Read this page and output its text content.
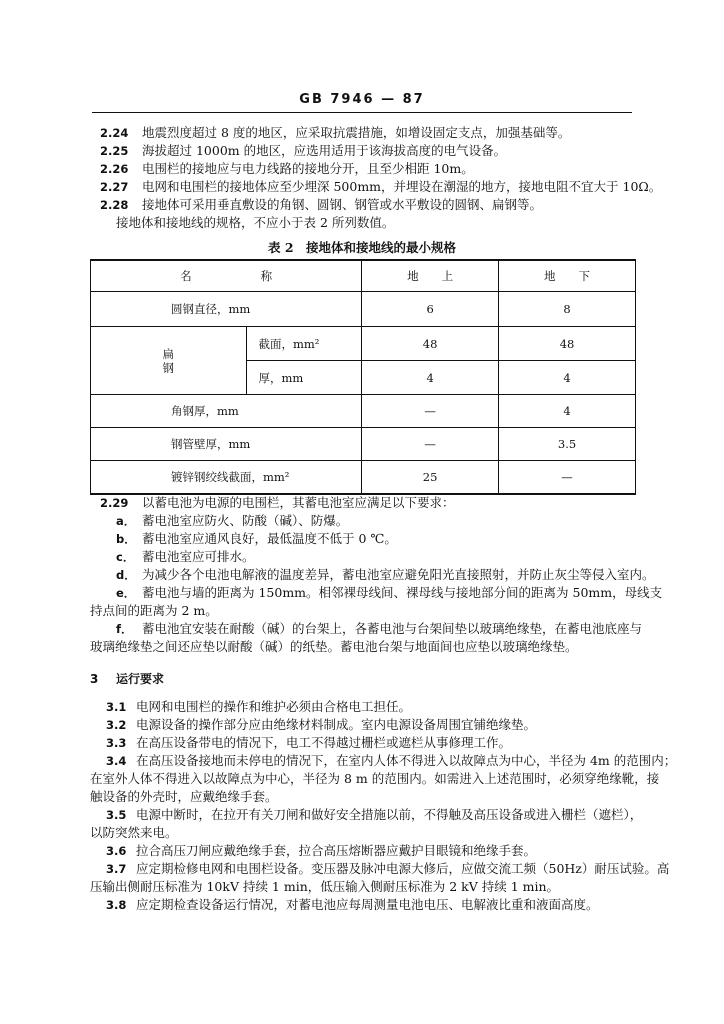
GB 7946 — 87
2.24 地震烈度超过 8 度的地区，应采取抗震措施，如增设固定支点，加强基础等。
2.25 海拔超过 1000m 的地区，应选用适用于该海拔高度的电气设备。
2.26 电围栏的接地应与电力线路的接地分开，且至少相距 10m。
2.27 电网和电围栏的接地体应至少埋深 500mm，并埋设在潮湿的地方，接地电阻不宜大于 10Ω。
2.28 接地体可采用垂直敷设的角钢、圆钢、钢管或水平敷设的圆钢、扁钢等。
接地体和接地线的规格，不应小于表 2 所列数值。
表 2　接地体和接地线的最小规格
名　　　　　　称		地　　上	地　　下
圆钢直径，mm		6	8
扁　　钢	截面，mm²	48	48
	厚，mm	4	4
角钢厚，mm		—	4
钢管壁厚，mm		—	3.5
镀锌钢绞线截面，mm²		25	—
2.29 以蓄电池为电源的电围栏，其蓄电池室应满足以下要求：
a． 蓄电池室应防火、防酸（碱）、防爆。
b． 蓄电池室应通风良好，最低温度不低于 0 ℃。
c． 蓄电池室应可排水。
d． 为减少各个电池电解液的温度差异，蓄电池室应避免阳光直接照射，并防止灰尘等侵入室内。
e． 蓄电池与墙的距离为 150mm。相邻裸母线间、裸母线与接地部分间的距离为 50mm，母线支
持点间的距离为 2 m。
f． 蓄电池宜安装在耐酸（碱）的台架上，各蓄电池与台架间垫以玻璃绝缘垫，在蓄电池底座与
玻璃绝缘垫之间还应垫以耐酸（碱）的纸垫。蓄电池台架与地面间也应垫以玻璃绝缘垫。
3 运行要求
3.1 电网和电围栏的操作和维护必须由合格电工担任。
3.2 电源设备的操作部分应由绝缘材料制成。室内电源设备周围宜铺绝缘垫。
3.3 在高压设备带电的情况下，电工不得越过栅栏或遮栏从事修理工作。
3.4 在高压设备接地而未停电的情况下，在室内人体不得进入以故障点为中心，半径为 4m 的范围内；
在室外人体不得进入以故障点为中心，半径为 8 m 的范围内。如需进入上述范围时，必须穿绝缘靴，接
触设备的外壳时，应戴绝缘手套。
3.5 电源中断时，在拉开有关刀闸和做好安全措施以前，不得触及高压设备或进入栅栏（遮栏），
以防突然来电。
3.6 拉合高压刀闸应戴绝缘手套，拉合高压熔断器应戴护目眼镜和绝缘手套。
3.7 应定期检修电网和电围栏设备。变压器及脉冲电源大修后，应做交流工频（50Hz）耐压试验。高
压输出侧耐压标准为 10kV 持续 1 min，低压输入侧耐压标准为 2 kV 持续 1 min。
3.8 应定期检查设备运行情况，对蓄电池应每周测量电池电压、电解液比重和液面高度。
